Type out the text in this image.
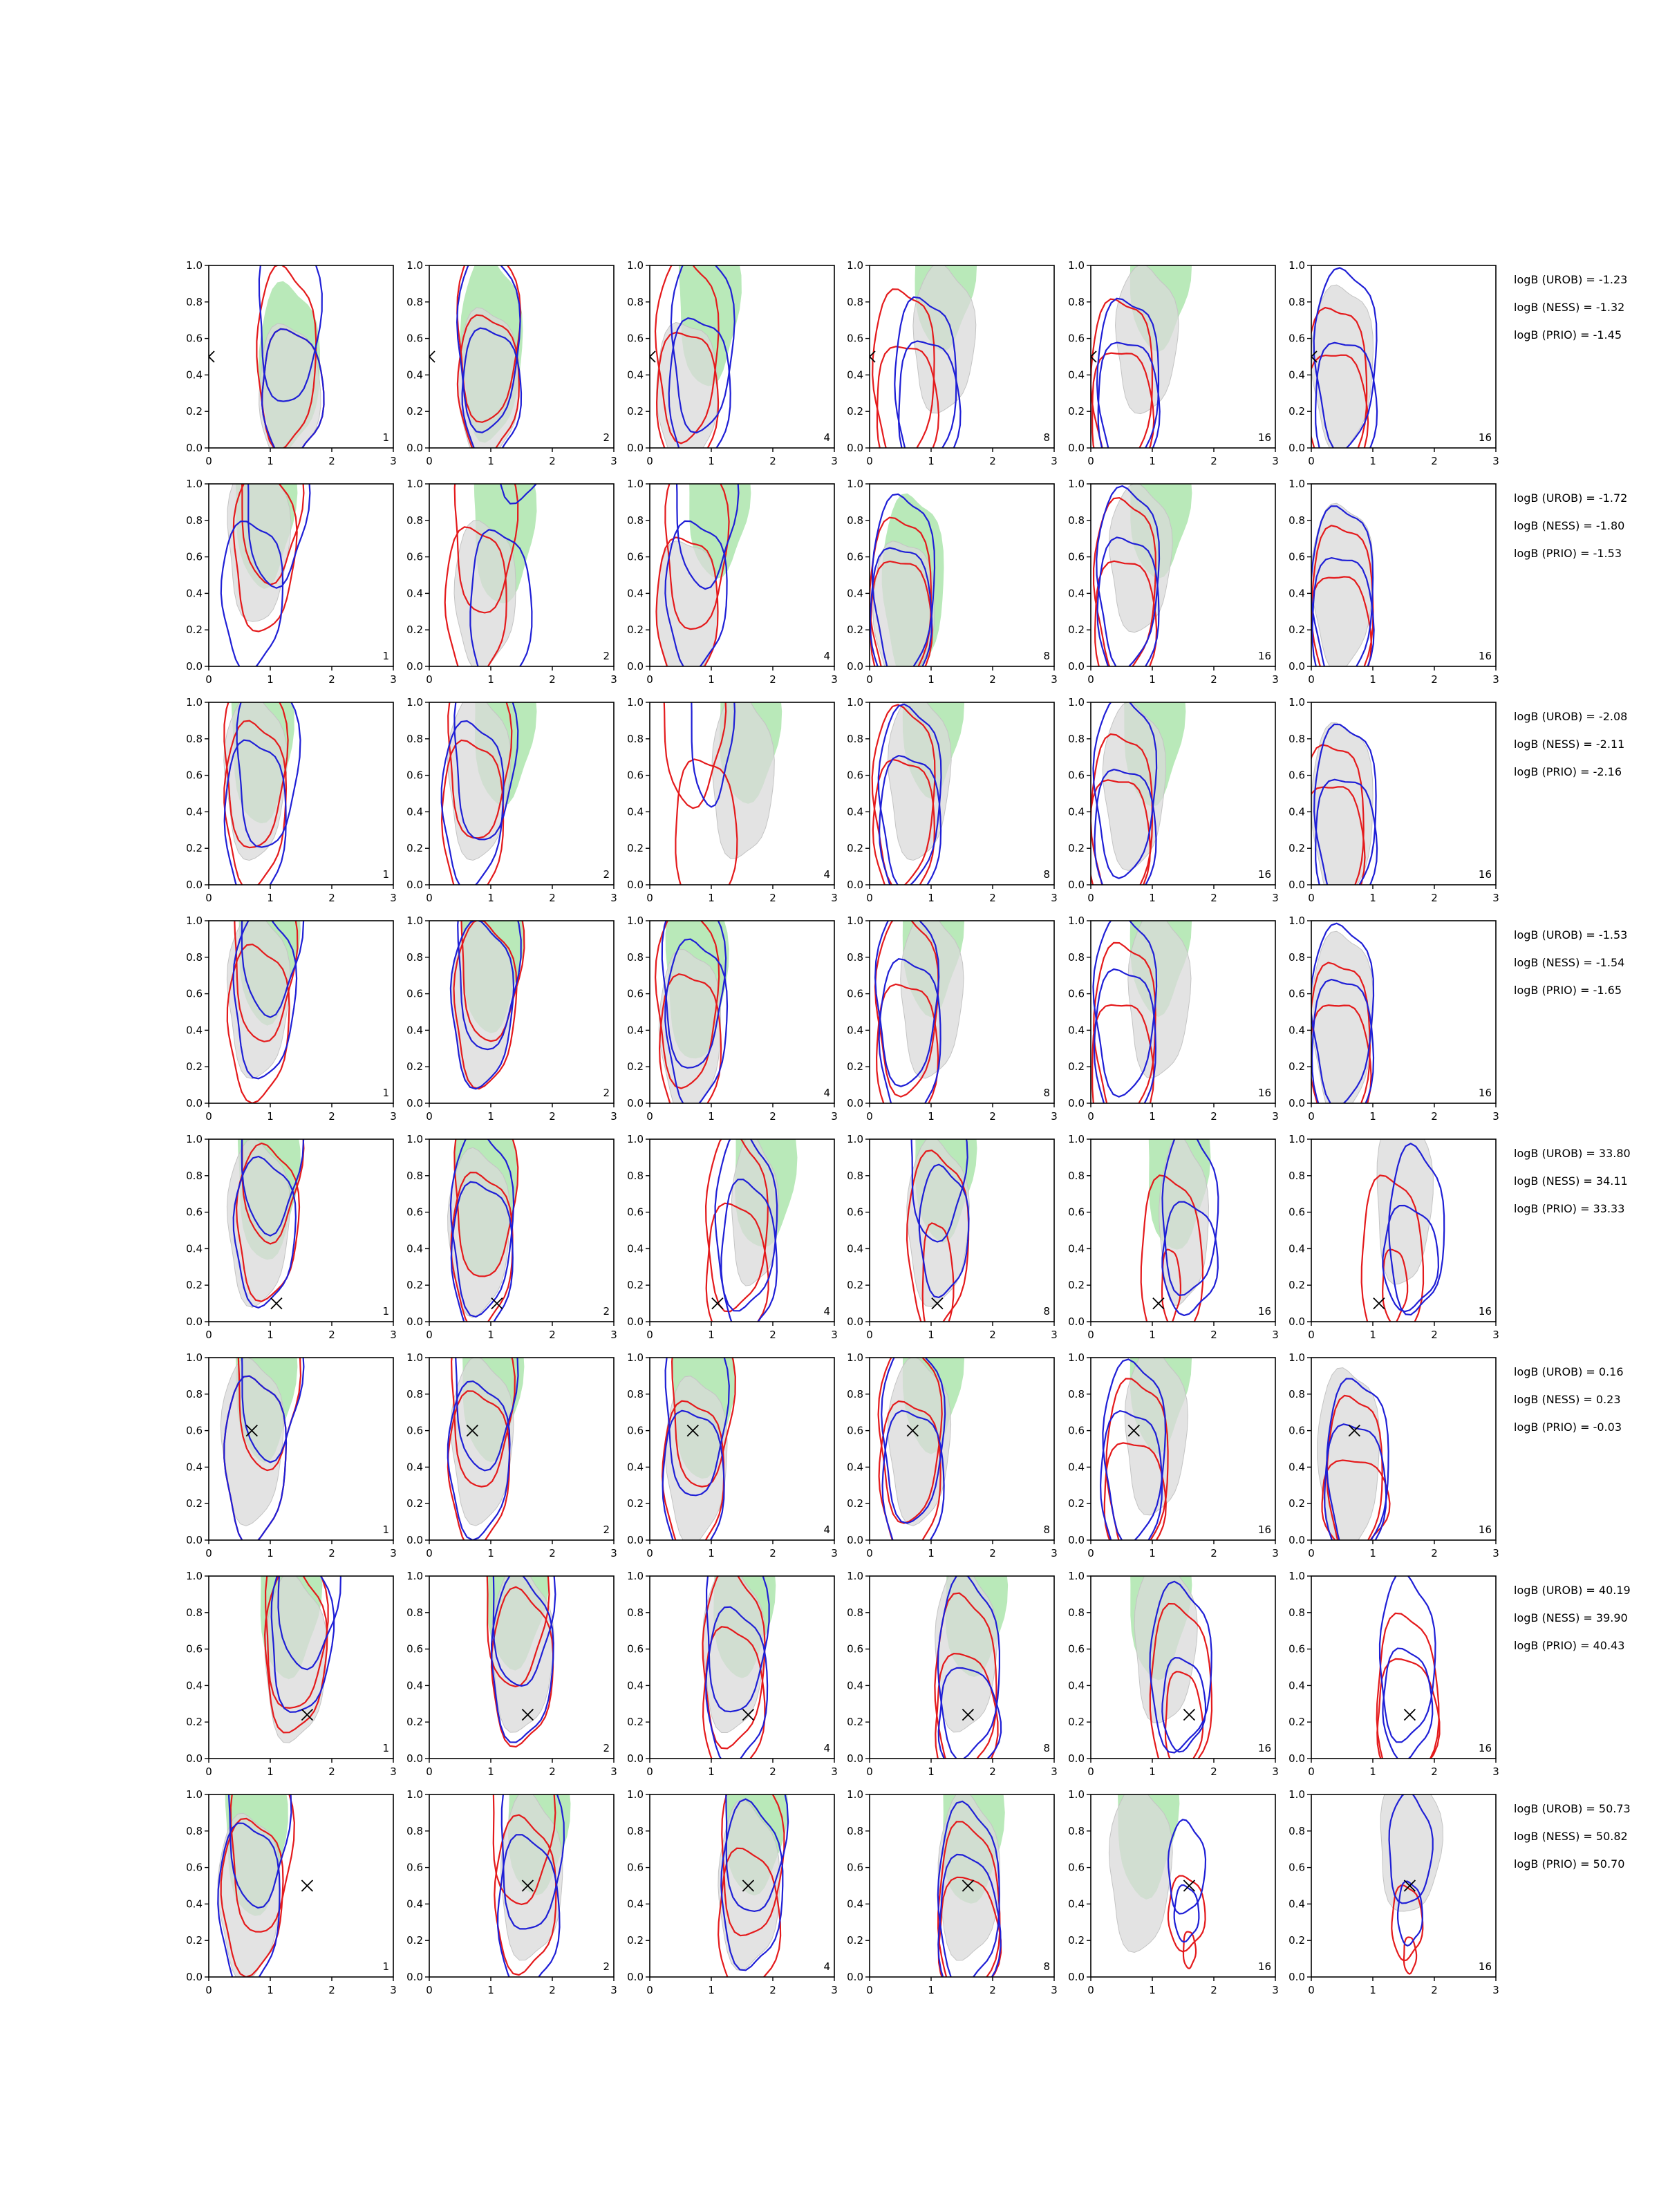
0.0
0.2
0.4
0.6
0.8
1.0
0	1	2	3
1
0.0
0.2
0.4
0.6
0.8
1.0
0	1	2	3
2
0.0
0.2
0.4
0.6
0.8
1.0
0	1	2	3
4
0.0
0.2
0.4
0.6
0.8
1.0
0	1	2	3
8
0.0
0.2
0.4
0.6
0.8
1.0
0	1	2	3
16
0.0
0.2
0.4
0.6
0.8
1.0
0	1	2	3
16
0.0
0.2
0.4
0.6
0.8
1.0
0	1	2	3
1
0.0
0.2
0.4
0.6
0.8
1.0
0	1	2	3
2
0.0
0.2
0.4
0.6
0.8
1.0
0	1	2	3
4
0.0
0.2
0.4
0.6
0.8
1.0
0	1	2	3
8
0.0
0.2
0.4
0.6
0.8
1.0
0	1	2	3
16
0.0
0.2
0.4
0.6
0.8
1.0
0	1	2	3
16
0.0
0.2
0.4
0.6
0.8
1.0
0	1	2	3
1
0.0
0.2
0.4
0.6
0.8
1.0
0	1	2	3
2
0.0
0.2
0.4
0.6
0.8
1.0
0	1	2	3
4
0.0
0.2
0.4
0.6
0.8
1.0
0	1	2	3
8
0.0
0.2
0.4
0.6
0.8
1.0
0	1	2	3
16
0.0
0.2
0.4
0.6
0.8
1.0
0	1	2	3
16
0.0
0.2
0.4
0.6
0.8
1.0
0	1	2	3
1
0.0
0.2
0.4
0.6
0.8
1.0
0	1	2	3
2
0.0
0.2
0.4
0.6
0.8
1.0
0	1	2	3
4
0.0
0.2
0.4
0.6
0.8
1.0
0	1	2	3
8
0.0
0.2
0.4
0.6
0.8
1.0
0	1	2	3
16
0.0
0.2
0.4
0.6
0.8
1.0
0	1	2	3
16
0.0
0.2
0.4
0.6
0.8
1.0
0	1	2	3
1
0.0
0.2
0.4
0.6
0.8
1.0
0	1	2	3
2
0.0
0.2
0.4
0.6
0.8
1.0
0	1	2	3
4
0.0
0.2
0.4
0.6
0.8
1.0
0	1	2	3
8
0.0
0.2
0.4
0.6
0.8
1.0
0	1	2	3
16
0.0
0.2
0.4
0.6
0.8
1.0
0	1	2	3
16
0.0
0.2
0.4
0.6
0.8
1.0
0	1	2	3
1
0.0
0.2
0.4
0.6
0.8
1.0
0	1	2	3
2
0.0
0.2
0.4
0.6
0.8
1.0
0	1	2	3
4
0.0
0.2
0.4
0.6
0.8
1.0
0	1	2	3
8
0.0
0.2
0.4
0.6
0.8
1.0
0	1	2	3
16
0.0
0.2
0.4
0.6
0.8
1.0
0	1	2	3
16
0.0
0.2
0.4
0.6
0.8
1.0
0	1	2	3
1
0.0
0.2
0.4
0.6
0.8
1.0
0	1	2	3
2
0.0
0.2
0.4
0.6
0.8
1.0
0	1	2	3
4
0.0
0.2
0.4
0.6
0.8
1.0
0	1	2	3
8
0.0
0.2
0.4
0.6
0.8
1.0
0	1	2	3
16
0.0
0.2
0.4
0.6
0.8
1.0
0	1	2	3
16
0.0
0.2
0.4
0.6
0.8
1.0
0	1	2	3
1
0.0
0.2
0.4
0.6
0.8
1.0
0	1	2	3
2
0.0
0.2
0.4
0.6
0.8
1.0
0	1	2	3
4
0.0
0.2
0.4
0.6
0.8
1.0
0	1	2	3
8
0.0
0.2
0.4
0.6
0.8
1.0
0	1	2	3
16
0.0
0.2
0.4
0.6
0.8
1.0
0	1	2	3
16
logB (UROB) = -1.23
logB (NESS) = -1.32
logB (PRIO) = -1.45
logB (UROB) = -1.72
logB (NESS) = -1.80
logB (PRIO) = -1.53
logB (UROB) = -2.08
logB (NESS) = -2.11
logB (PRIO) = -2.16
logB (UROB) = -1.53
logB (NESS) = -1.54
logB (PRIO) = -1.65
logB (UROB) = 33.80
logB (NESS) = 34.11
logB (PRIO) = 33.33
logB (UROB) = 0.16
logB (NESS) = 0.23
logB (PRIO) = -0.03
logB (UROB) = 40.19
logB (NESS) = 39.90
logB (PRIO) = 40.43
logB (UROB) = 50.73
logB (NESS) = 50.82
logB (PRIO) = 50.70
